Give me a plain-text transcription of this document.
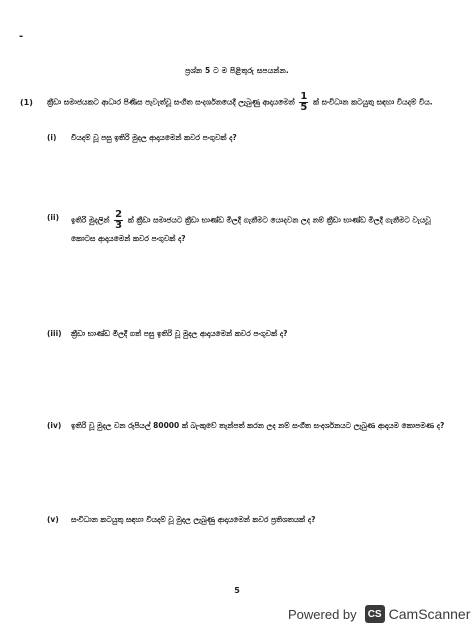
-
ප්‍රශ්න 5 ට ම පිළිතුරු සපයන්න.
(1) ක්‍රීඩා සමාජයකට ආධාර පිණිස පැවැත්වූ සංගීත සංදර්ශනයෙදී ලැබුණු ආදායමෙන් $\frac{1}{5}$ ක් සංවිධාන කටයුතු සඳහා වියදම් විය.
(i) වියදම් වූ පසු ඉතිරි මුදල ආදායමෙන් කවර පංගුවක් ද?
(ii) ඉතිරි මුදලින් $\frac{2}{3}$ ක් ක්‍රීඩා සමාජයට ක්‍රීඩා භාණ්ඩ මිලදී ගැනීමට යොදවන ලද නම් ක්‍රීඩා භාණ්ඩ මිලදී ගැනීමට වැයවූ කොටස ආදායමෙන් කවර පංගුවක් ද?
(iii) ක්‍රීඩා භාණ්ඩ මිලදී ගත් පසු ඉතිරි වූ මුදල ආදායමෙන් කවර පංගුවක් ද?
(iv) ඉතිරි වූ මුදල වන රුපියල් 80000 ක් බැංකුවේ තැන්පත් කරන ලද නම් සංගීත සංදර්ශනයට ලැබුණ ආදායම කොපමණ ද?
(v) සංවිධාන කටයුතු සඳහා වියදම් වූ මුදල ලැබුණු ආදායමෙන් කවර ප්‍රතිශතයක් ද?
5
Powered by	CS CamScanner
